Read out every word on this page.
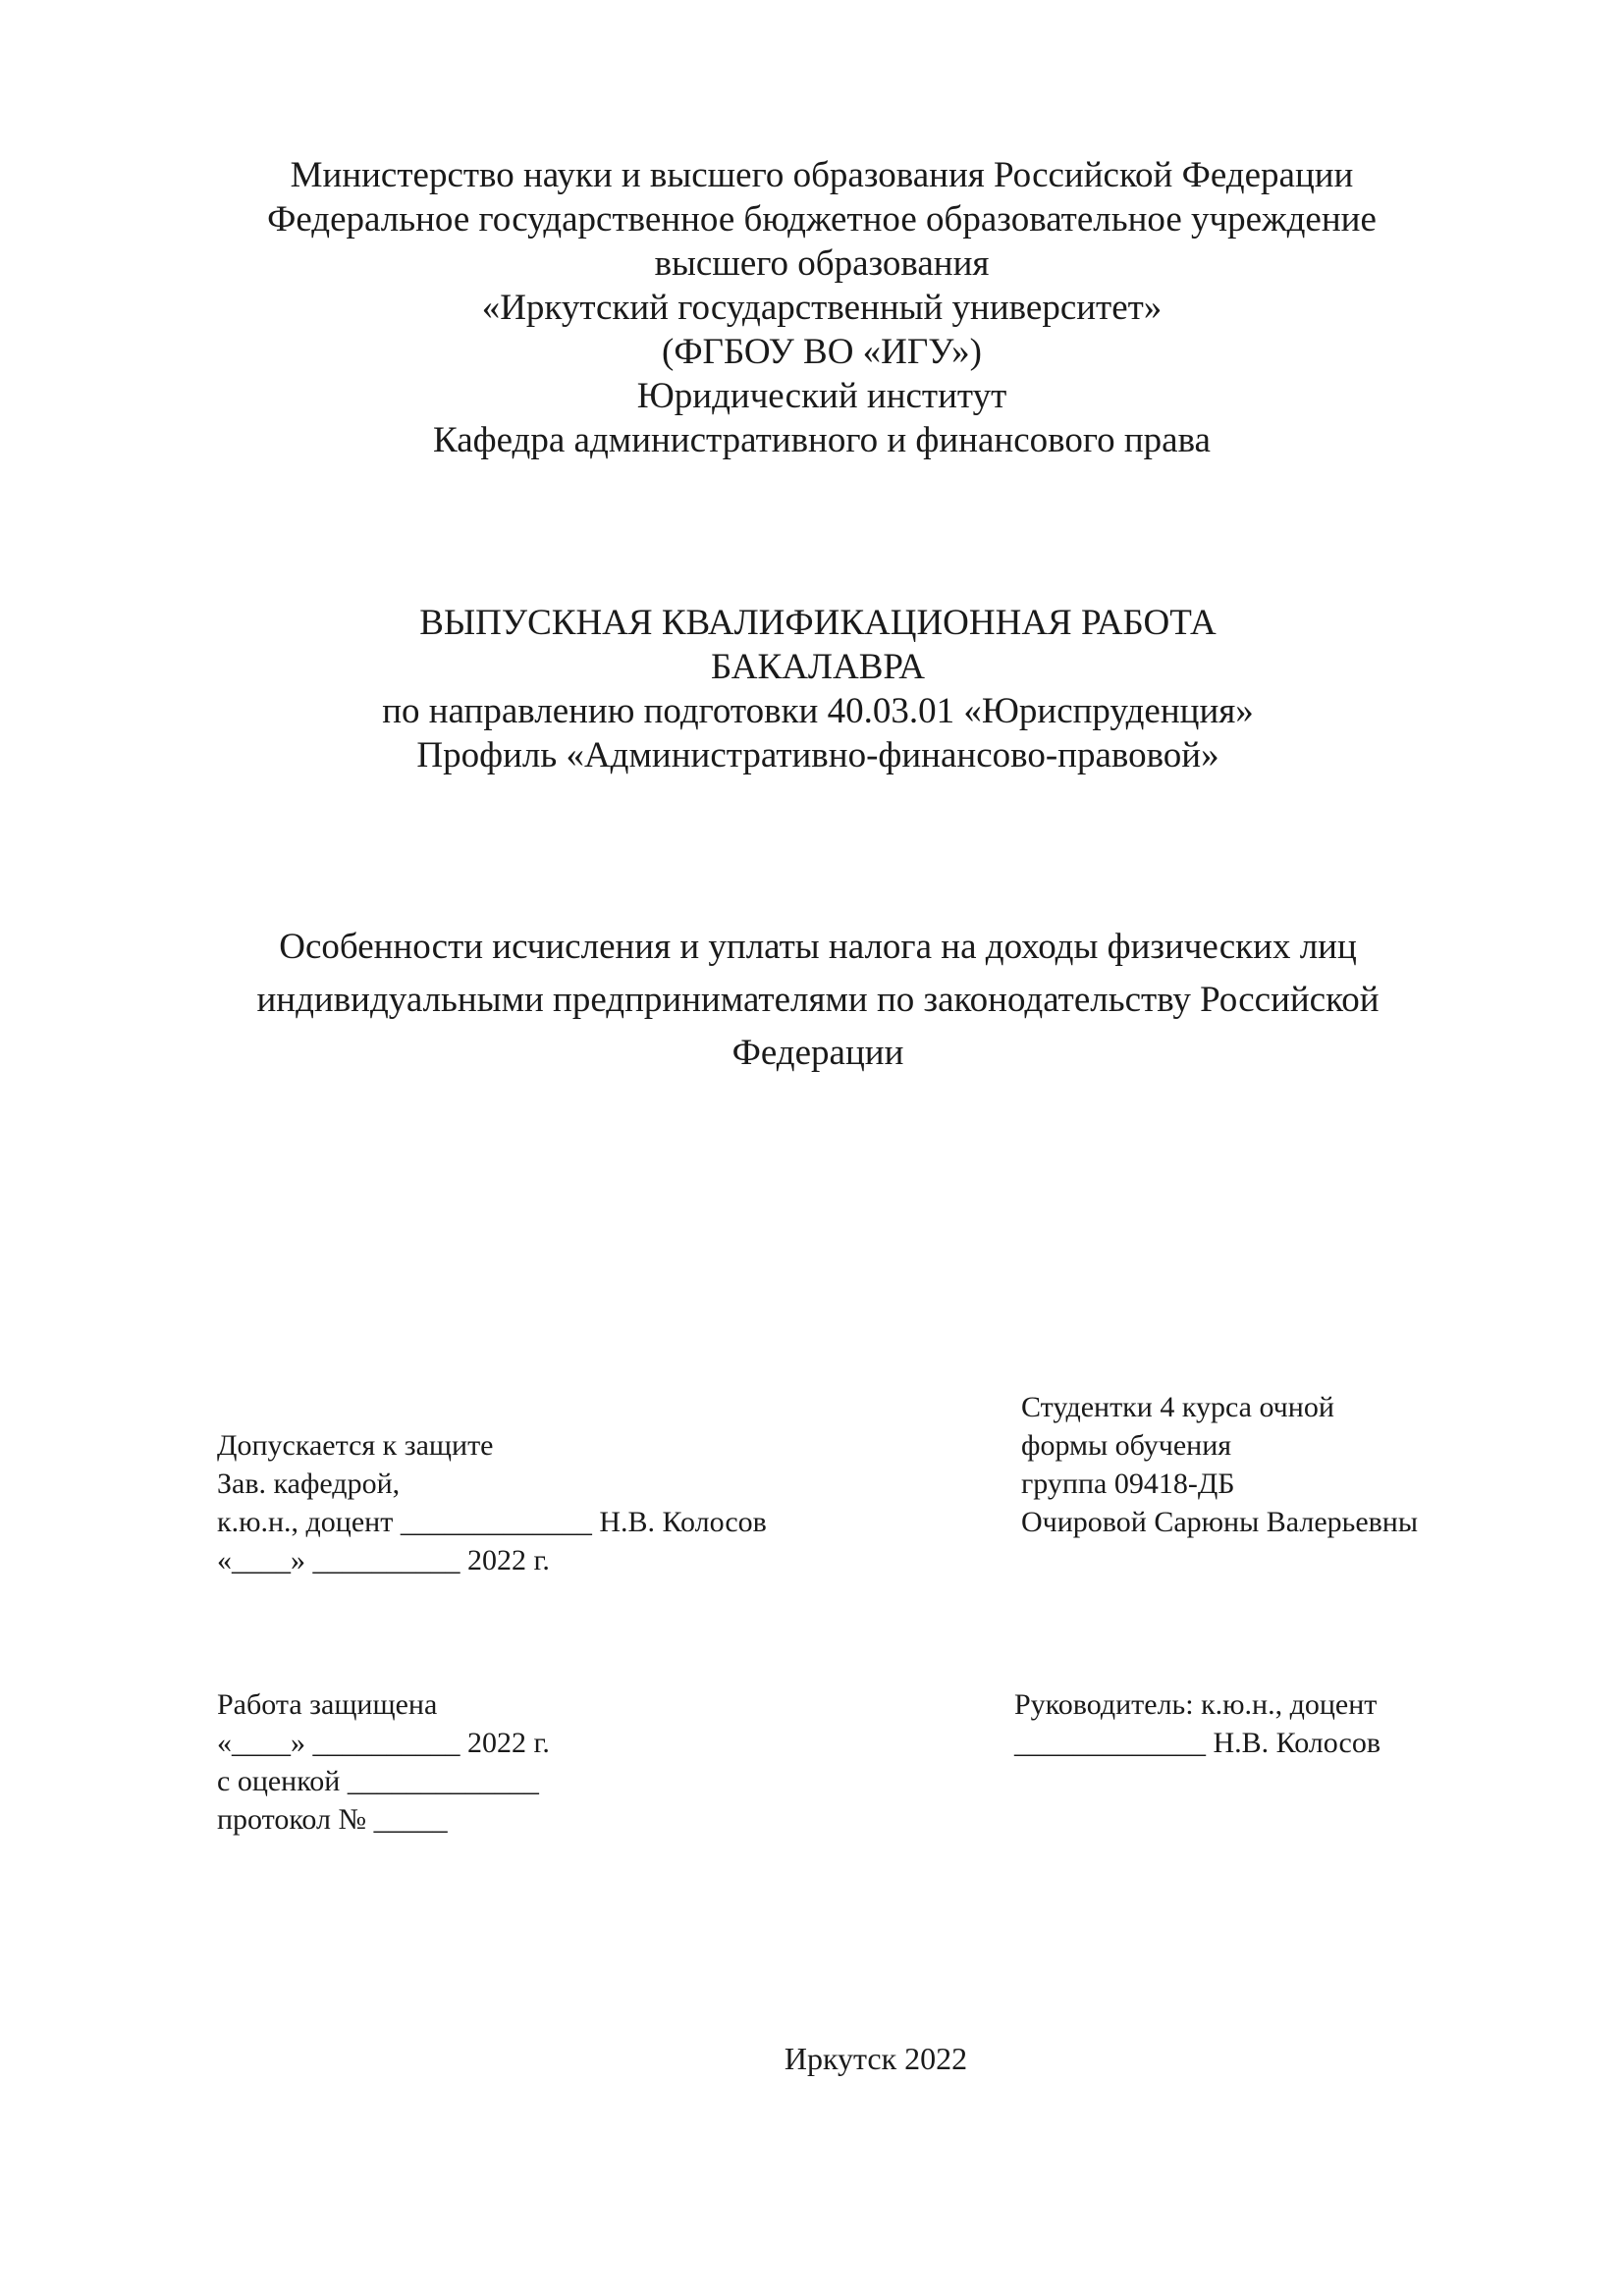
Министерство науки и высшего образования Российской Федерации
Федеральное государственное бюджетное образовательное учреждение
высшего образования
«Иркутский государственный университет»
(ФГБОУ ВО «ИГУ»)
Юридический институт
Кафедра административного и финансового права
ВЫПУСКНАЯ КВАЛИФИКАЦИОННАЯ РАБОТА
БАКАЛАВРА
по направлению подготовки 40.03.01 «Юриспруденция»
Профиль «Административно-финансово-правовой»
Особенности исчисления и уплаты налога на доходы физических лиц
индивидуальными предпринимателями по законодательству Российской
Федерации
Допускается к защите
Зав. кафедрой,
к.ю.н., доцент _____________ Н.В. Колосов
«____» __________ 2022 г.
Студентки 4 курса очной
формы обучения
группа 09418-ДБ
Очировой Сарюны Валерьевны
Работа защищена
«____» __________ 2022 г.
с оценкой _____________
протокол № _____
Руководитель: к.ю.н., доцент
_____________ Н.В. Колосов
Иркутск 2022
